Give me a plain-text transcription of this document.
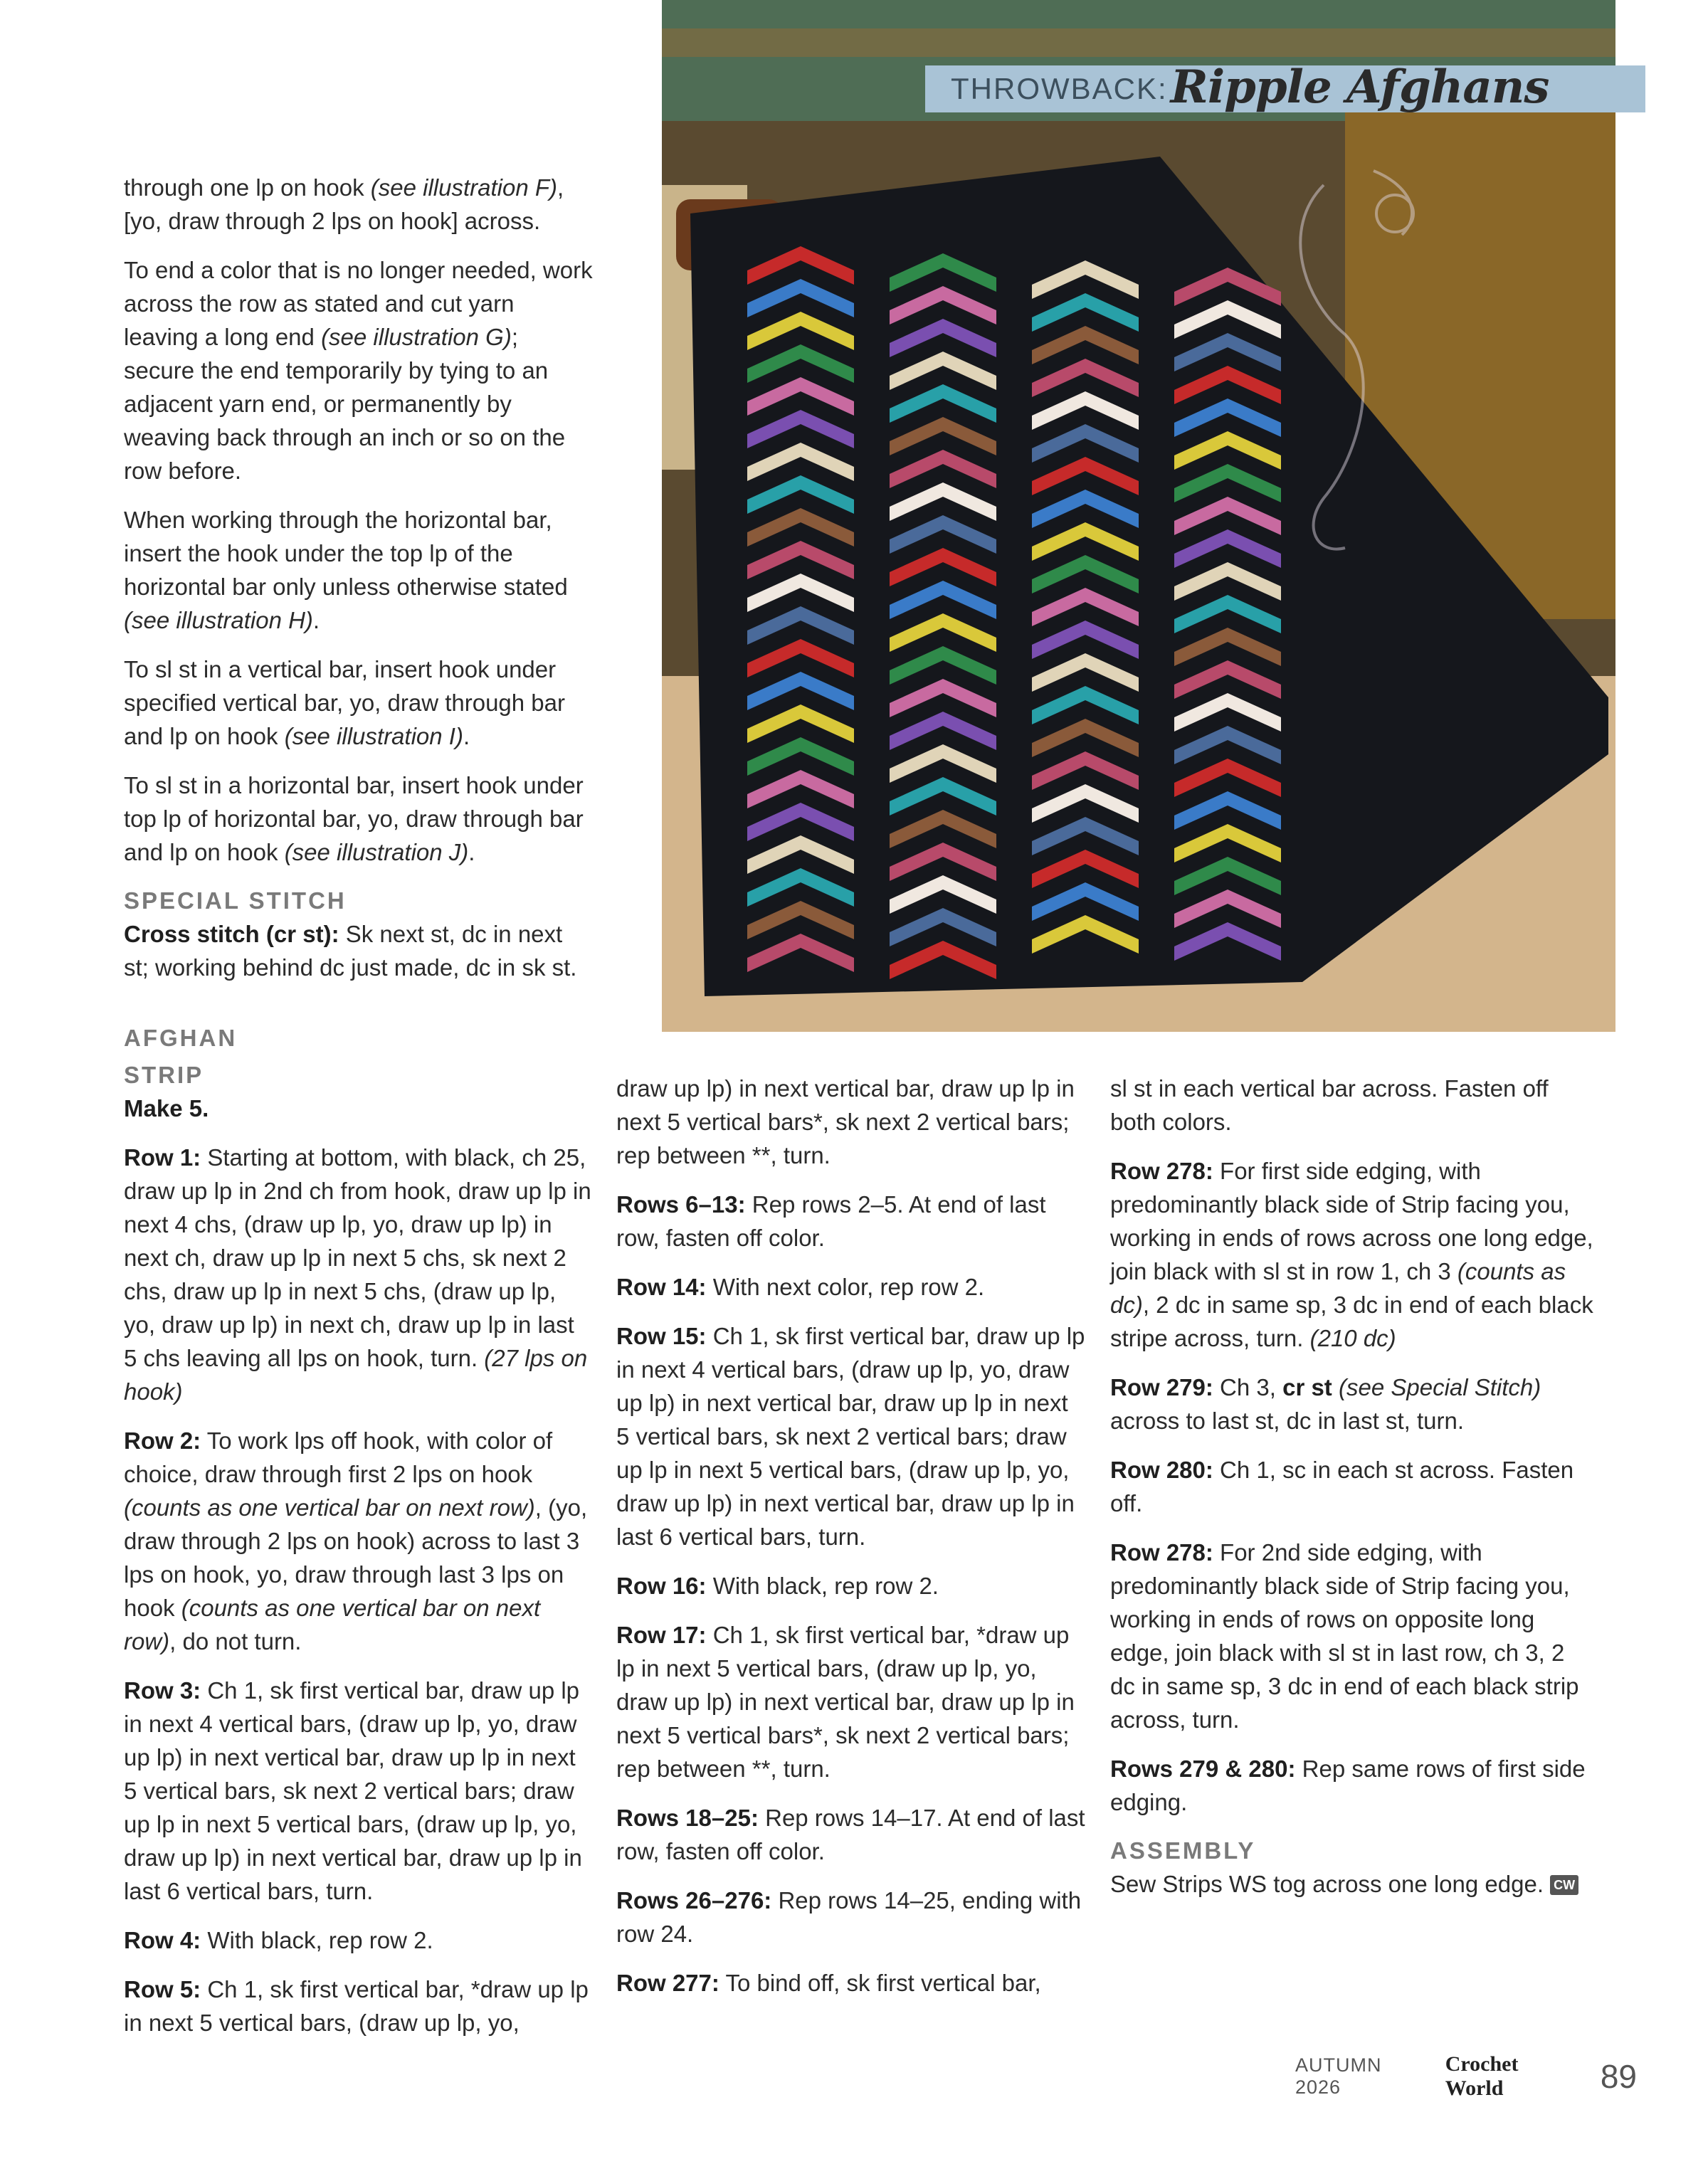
THROWBACK: Ripple Afghans

through one lp on hook (see illustration F), [yo, draw through 2 lps on hook] across.

To end a color that is no longer needed, work across the row as stated and cut yarn leaving a long end (see illustration G); secure the end temporarily by tying to an adjacent yarn end, or permanently by weaving back through an inch or so on the row before.

When working through the horizontal bar, insert the hook under the top lp of the horizontal bar only unless otherwise stated (see illustration H).

To sl st in a vertical bar, insert hook under specified vertical bar, yo, draw through bar and lp on hook (see illustration I).

To sl st in a horizontal bar, insert hook under top lp of horizontal bar, yo, draw through bar and lp on hook (see illustration J).

SPECIAL STITCH

Cross stitch (cr st): Sk next st, dc in next st; working behind dc just made, dc in sk st.

AFGHAN
STRIP

Make 5.

Row 1: Starting at bottom, with black, ch 25, draw up lp in 2nd ch from hook, draw up lp in next 4 chs, (draw up lp, yo, draw up lp) in next ch, draw up lp in next 5 chs, sk next 2 chs, draw up lp in next 5 chs, (draw up lp, yo, draw up lp) in next ch, draw up lp in last 5 chs leaving all lps on hook, turn. (27 lps on hook)

Row 2: To work lps off hook, with color of choice, draw through first 2 lps on hook (counts as one vertical bar on next row), (yo, draw through 2 lps on hook) across to last 3 lps on hook, yo, draw through last 3 lps on hook (counts as one vertical bar on next row), do not turn.

Row 3: Ch 1, sk first vertical bar, draw up lp in next 4 vertical bars, (draw up lp, yo, draw up lp) in next vertical bar, draw up lp in next 5 vertical bars, sk next 2 vertical bars; draw up lp in next 5 vertical bars, (draw up lp, yo, draw up lp) in next vertical bar, draw up lp in last 6 vertical bars, turn.

Row 4: With black, rep row 2.

Row 5: Ch 1, sk first vertical bar, *draw up lp in next 5 vertical bars, (draw up lp, yo,

draw up lp) in next vertical bar, draw up lp in next 5 vertical bars*, sk next 2 vertical bars; rep between **, turn.

Rows 6–13: Rep rows 2–5. At end of last row, fasten off color.

Row 14: With next color, rep row 2.

Row 15: Ch 1, sk first vertical bar, draw up lp in next 4 vertical bars, (draw up lp, yo, draw up lp) in next vertical bar, draw up lp in next 5 vertical bars, sk next 2 vertical bars; draw up lp in next 5 vertical bars, (draw up lp, yo, draw up lp) in next vertical bar, draw up lp in last 6 vertical bars, turn.

Row 16: With black, rep row 2.

Row 17: Ch 1, sk first vertical bar, *draw up lp in next 5 vertical bars, (draw up lp, yo, draw up lp) in next vertical bar, draw up lp in next 5 vertical bars*, sk next 2 vertical bars; rep between **, turn.

Rows 18–25: Rep rows 14–17. At end of last row, fasten off color.

Rows 26–276: Rep rows 14–25, ending with row 24.

Row 277: To bind off, sk first vertical bar,

sl st in each vertical bar across. Fasten off both colors.

Row 278: For first side edging, with predominantly black side of Strip facing you, working in ends of rows across one long edge, join black with sl st in row 1, ch 3 (counts as dc), 2 dc in same sp, 3 dc in end of each black stripe across, turn. (210 dc)

Row 279: Ch 3, cr st (see Special Stitch) across to last st, dc in last st, turn.

Row 280: Ch 1, sc in each st across. Fasten off.

Row 278: For 2nd side edging, with predominantly black side of Strip facing you, working in ends of rows on opposite long edge, join black with sl st in last row, ch 3, 2 dc in same sp, 3 dc in end of each black strip across, turn.

Rows 279 & 280: Rep same rows of first side edging.

ASSEMBLY

Sew Strips WS tog across one long edge. CW

AUTUMN 2026
Crochet World	89
